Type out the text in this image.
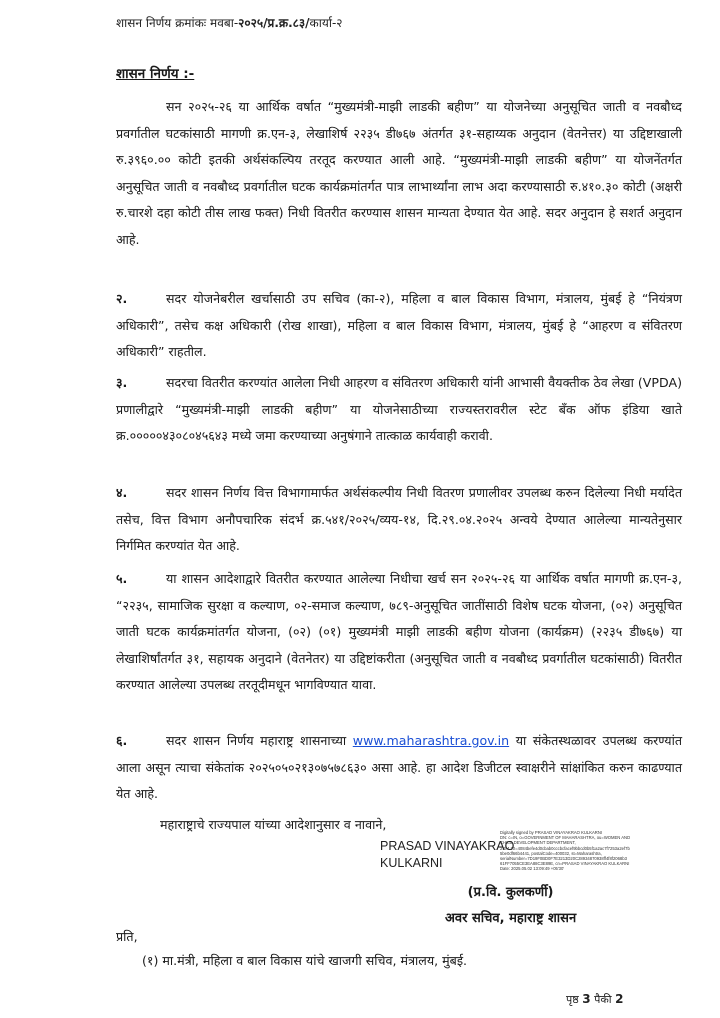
शासन निर्णय क्रमांकः मवबा-२०२५/प्र.क्र.८३/कार्या-२
शासन निर्णय :-
सन २०२५-२६ या आर्थिक वर्षात “मुख्यमंत्री-माझी लाडकी बहीण” या योजनेच्या अनुसूचित जाती व नवबौध्द प्रवर्गातील घटकांसाठी मागणी क्र.एन-३, लेखाशिर्ष २२३५ डी७६७ अंतर्गत ३१-सहाय्यक अनुदान (वेतनेत्तर) या उद्दिष्टाखाली रु.३९६०.०० कोटी इतकी अर्थसंकल्पिय तरतूद करण्यात आली आहे. “मुख्यमंत्री-माझी लाडकी बहीण” या योजनेंतर्गत अनुसूचित जाती व नवबौध्द प्रवर्गातील घटक कार्यक्रमांतर्गत पात्र लाभार्थ्यांना लाभ अदा करण्यासाठी रु.४१०.३० कोटी (अक्षरी रु.चारशे दहा कोटी तीस लाख फक्त) निधी वितरीत करण्यास शासन मान्यता देण्यात येत आहे. सदर अनुदान हे सशर्त अनुदान आहे.
२.	सदर योजनेबरील खर्चासाठी उप सचिव (का-२), महिला व बाल विकास विभाग, मंत्रालय, मुंबई हे “नियंत्रण अधिकारी”, तसेच कक्ष अधिकारी (रोख शाखा), महिला व बाल विकास विभाग, मंत्रालय, मुंबई हे “आहरण व संवितरण अधिकारी” राहतील.
३.	सदरचा वितरीत करण्यांत आलेला निधी आहरण व संवितरण अधिकारी यांनी आभासी वैयक्तीक ठेव लेखा (VPDA) प्रणालीद्वारे “मुख्यमंत्री-माझी लाडकी बहीण” या योजनेसाठीच्या राज्यस्तरावरील स्टेट बँक ऑफ इंडिया खाते क्र.०००००४३०८०४५६४३ मध्ये जमा करण्याच्या अनुषंगाने तात्काळ कार्यवाही करावी.
४.	सदर शासन निर्णय वित्त विभागामार्फत अर्थसंकल्पीय निधी वितरण प्रणालीवर उपलब्ध करुन दिलेल्या निधी मर्यादेत तसेच, वित्त विभाग अनौपचारिक संदर्भ क्र.५४१/२०२५/व्यय-१४, दि.२९.०४.२०२५ अन्वये देण्यात आलेल्या मान्यतेनुसार निर्गमित करण्यांत येत आहे.
५.	या शासन आदेशाद्वारे वितरीत करण्यात आलेल्या निधीचा खर्च सन २०२५-२६ या आर्थिक वर्षात मागणी क्र.एन-३, “२२३५, सामाजिक सुरक्षा व कल्याण, ०२-समाज कल्याण, ७८९-अनुसूचित जातींसाठी विशेष घटक योजना, (०२) अनुसूचित जाती घटक कार्यक्रमांतर्गत योजना, (०२) (०१) मुख्यमंत्री माझी लाडकी बहीण योजना (कार्यक्रम) (२२३५ डी७६७) या लेखाशिर्षांतर्गत ३१, सहायक अनुदाने (वेतनेतर) या उद्दिष्टांकरीता (अनुसूचित जाती व नवबौध्द प्रवर्गातील घटकांसाठी) वितरीत करण्यात आलेल्या उपलब्ध तरतूदीमधून भागविण्यात यावा.
६.	सदर शासन निर्णय महाराष्ट्र शासनाच्या www.maharashtra.gov.in या संकेतस्थळावर उपलब्ध करण्यांत आला असून त्याचा संकेतांक २०२५०५०२१३०७५७८६३० असा आहे. हा आदेश डिजीटल स्वाक्षरीने सांक्षांकित करुन काढण्यात येत आहे.
महाराष्ट्राचे राज्यपाल यांच्या आदेशानुसार व नावाने,
PRASAD VINAYAKRAO
KULKARNI
Digitally signed by PRASAD VINAYAKRAO KULKARNI
DN: c=IN, o=GOVERNMENT OF MAHARASHTRA, ou=WOMEN AND
CHILD DEVELOPMENT DEPARTMENT,
2.5.4.20=4084befe4d0cbab0cccbcfacef9bbcd0b5f1a2ac7f7253a2ef7b
5be0df66b4441, postalCode=400032, st=Maharashtra,
serialNumber=7D19F0BD0F7E3213D20C28934870938ff4f8f2068b3
61FF7055CE3EA88C3E89E, cn=PRASAD VINAYAKRAO KULKARNI
Date: 2025.05.02 13:09:49 +05'30'
(प्र.वि. कुलकर्णी)
अवर सचिव, महाराष्ट्र शासन
प्रति,
(१) मा.मंत्री, महिला व बाल विकास यांचे खाजगी सचिव, मंत्रालय, मुंबई.
पृष्ठ 3 पैकी 2
